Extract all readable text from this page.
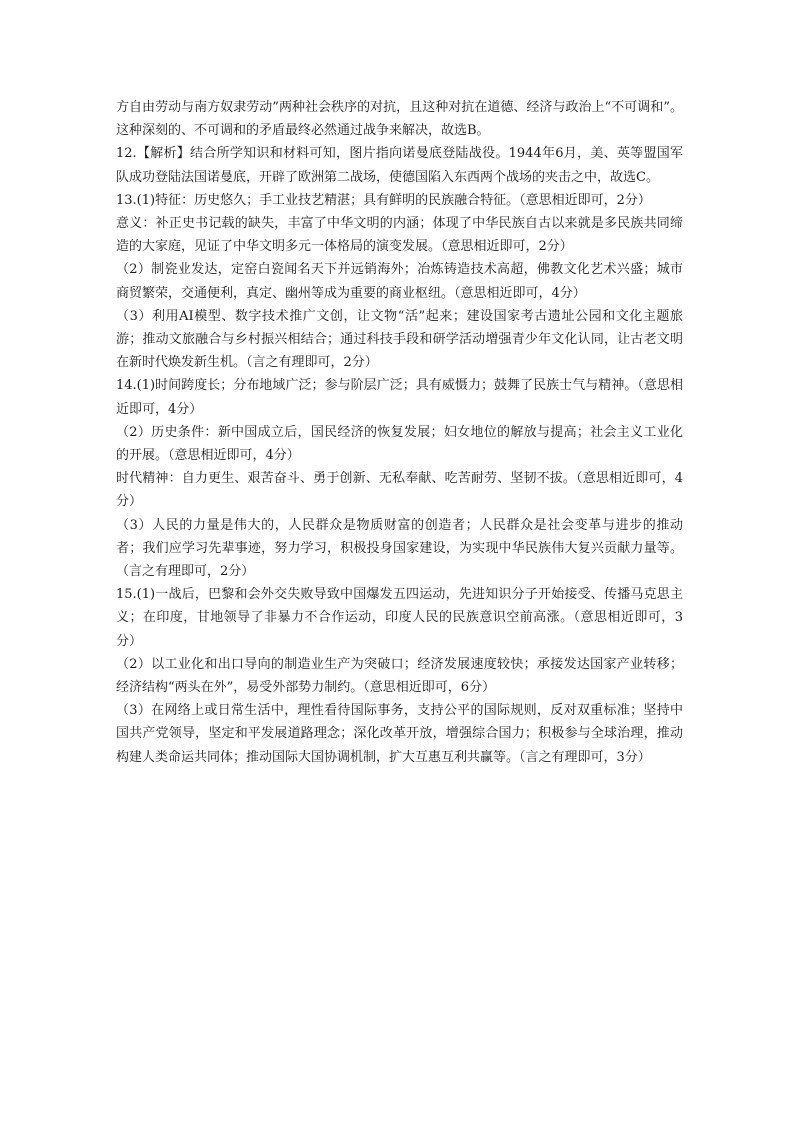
方自由劳动与南方奴隶劳动”两种社会秩序的对抗，且这种对抗在道德、经济与政治上“不可调和”。这种深刻的、不可调和的矛盾最终必然通过战争来解决，故选B。

12.【解析】结合所学知识和材料可知，图片指向诺曼底登陆战役。1944年6月，美、英等盟国军队成功登陆法国诺曼底，开辟了欧洲第二战场，使德国陷入东西两个战场的夹击之中，故选C。

13.(1)特征：历史悠久；手工业技艺精湛；具有鲜明的民族融合特征。（意思相近即可，2分）

意义：补正史书记载的缺失，丰富了中华文明的内涵；体现了中华民族自古以来就是多民族共同缔造的大家庭，见证了中华文明多元一体格局的演变发展。（意思相近即可，2分）

（2）制瓷业发达，定窑白瓷闻名天下并远销海外；冶炼铸造技术高超，佛教文化艺术兴盛；城市商贸繁荣，交通便利，真定、幽州等成为重要的商业枢纽。（意思相近即可，4分）

（3）利用AI模型、数字技术推广文创，让文物“活”起来；建设国家考古遗址公园和文化主题旅游；推动文旅融合与乡村振兴相结合；通过科技手段和研学活动增强青少年文化认同，让古老文明在新时代焕发新生机。（言之有理即可，2分）

14.(1)时间跨度长；分布地域广泛；参与阶层广泛；具有威慑力；鼓舞了民族士气与精神。（意思相近即可，4分）

（2）历史条件：新中国成立后，国民经济的恢复发展；妇女地位的解放与提高；社会主义工业化的开展。（意思相近即可，4分）

时代精神：自力更生、艰苦奋斗、勇于创新、无私奉献、吃苦耐劳、坚韧不拔。（意思相近即可，4分）

（3）人民的力量是伟大的，人民群众是物质财富的创造者；人民群众是社会变革与进步的推动者；我们应学习先辈事迹，努力学习，积极投身国家建设，为实现中华民族伟大复兴贡献力量等。（言之有理即可，2分）

15.(1)一战后，巴黎和会外交失败导致中国爆发五四运动，先进知识分子开始接受、传播马克思主义；在印度，甘地领导了非暴力不合作运动，印度人民的民族意识空前高涨。（意思相近即可，3分）

（2）以工业化和出口导向的制造业生产为突破口；经济发展速度较快；承接发达国家产业转移；经济结构“两头在外”，易受外部势力制约。（意思相近即可，6分）

（3）在网络上或日常生活中，理性看待国际事务，支持公平的国际规则，反对双重标准；坚持中国共产党领导，坚定和平发展道路理念；深化改革开放，增强综合国力；积极参与全球治理，推动构建人类命运共同体；推动国际大国协调机制，扩大互惠互利共赢等。（言之有理即可，3分）
